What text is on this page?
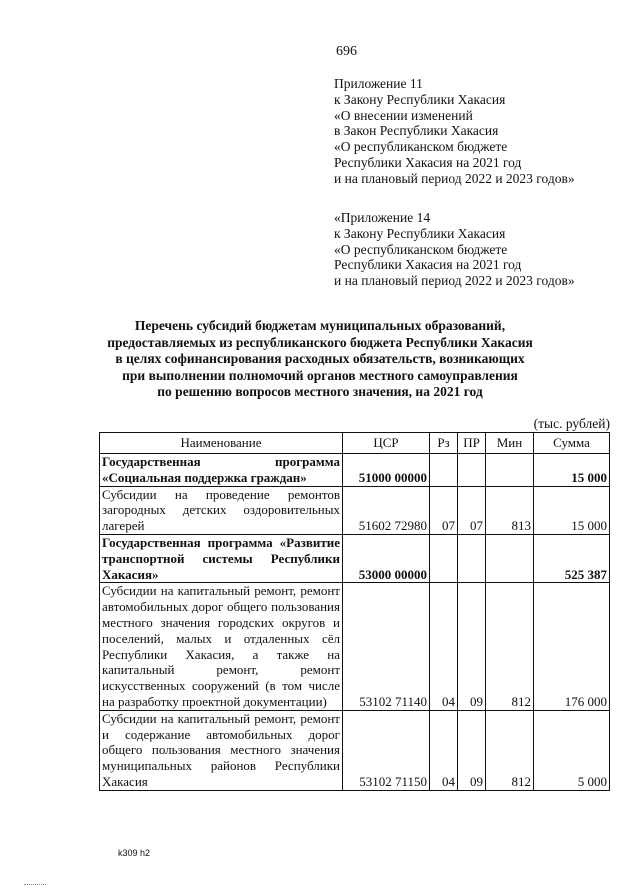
696
Приложение 11
к Закону Республики Хакасия
«О внесении изменений
в Закон Республики Хакасия
«О республиканском бюджете
Республики Хакасия на 2021 год
и на плановый период 2022 и 2023 годов»
«Приложение 14
к Закону Республики Хакасия
«О республиканском бюджете
Республики Хакасия на 2021 год
и на плановый период 2022 и 2023 годов»
Перечень субсидий бюджетам муниципальных образований,
предоставляемых из республиканского бюджета Республики Хакасия
в целях софинансирования расходных обязательств, возникающих
при выполнении полномочий органов местного самоуправления
по решению вопросов местного значения, на 2021 год
(тыс. рублей)
Наименование	ЦСР	Рз	ПР	Мин	Сумма
Государственная программа «Социальная поддержка граждан»	51000 00000				15 000
Субсидии на проведение ремонтов загородных детских оздоровительных лагерей	51602 72980	07	07	813	15 000
Государственная программа «Развитие транспортной системы Республики Хакасия»	53000 00000				525 387
Субсидии на капитальный ремонт, ремонт автомобильных дорог общего пользования местного значения городских округов и поселений, малых и отдаленных сёл Республики Хакасия, а также на капитальный ремонт, ремонт искусственных сооружений (в том числе на разработку проектной документации)	53102 71140	04	09	812	176 000
Субсидии на капитальный ремонт, ремонт и содержание автомобильных дорог общего пользования местного значения муниципальных районов Республики Хакасия	53102 71150	04	09	812	5 000
k309 h2
